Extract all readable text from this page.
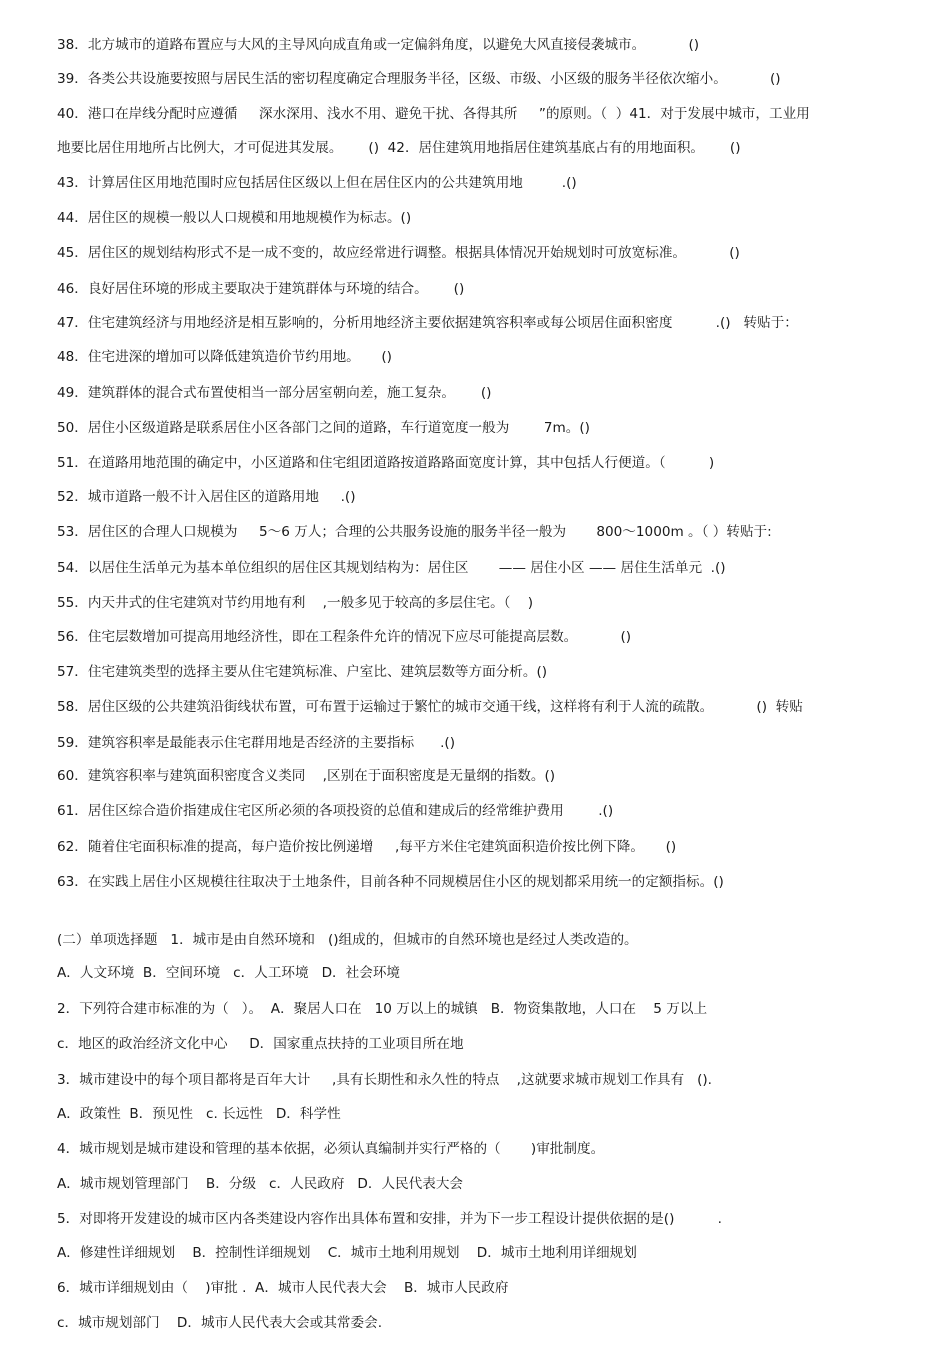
38．北方城市的道路布置应与大风的主导风向成直角或一定偏斜角度，以避免大风直接侵袭城市。          ()
39．各类公共设施要按照与居民生活的密切程度确定合理服务半径，区级、市级、小区级的服务半径依次缩小。          ()
40．港口在岸线分配时应遵循     深水深用、浅水不用、避免干扰、各得其所     ”的原则。（  ）41．对于发展中城市，工业用
地要比居住用地所占比例大，才可促进其发展。      ()  42．居住建筑用地指居住建筑基底占有的用地面积。      ()
43．计算居住区用地范围时应包括居住区级以上但在居住区内的公共建筑用地         .()
44．居住区的规模一般以人口规模和用地规模作为标志。()
45．居住区的规划结构形式不是一成不变的，故应经常进行调整。根据具体情况开始规划时可放宽标准。          ()
46．良好居住环境的形成主要取决于建筑群体与环境的结合。      ()
47．住宅建筑经济与用地经济是相互影响的，分析用地经济主要依据建筑容积率或每公顷居住面积密度          .()   转贴于：
48．住宅进深的增加可以降低建筑造价节约用地。     ()
49．建筑群体的混合式布置使相当一部分居室朝向差，施工复杂。      ()
50．居住小区级道路是联系居住小区各部门之间的道路，车行道宽度一般为        7m。()
51．在道路用地范围的确定中，小区道路和住宅组团道路按道路路面宽度计算，其中包括人行便道。（          )
52．城市道路一般不计入居住区的道路用地     .()
53．居住区的合理人口规模为     5～6 万人；合理的公共服务设施的服务半径一般为       800～1000m 。（ ）转贴于:
54．以居住生活单元为基本单位组织的居住区其规划结构为：居住区       —— 居住小区 —— 居住生活单元  .()
55．内天井式的住宅建筑对节约用地有利    ,一般多见于较高的多层住宅。（    )
56．住宅层数增加可提高用地经济性，即在工程条件允许的情况下应尽可能提高层数。          ()
57．住宅建筑类型的选择主要从住宅建筑标准、户室比、建筑层数等方面分析。()
58．居住区级的公共建筑沿街线状布置，可布置于运输过于繁忙的城市交通干线，这样将有利于人流的疏散。          ()  转贴
59．建筑容积率是最能表示住宅群用地是否经济的主要指标      .()
60．建筑容积率与建筑面积密度含义类同    ,区别在于面积密度是无量纲的指数。()
61．居住区综合造价指建成住宅区所必须的各项投资的总值和建成后的经常维护费用        .()
62．随着住宅面积标准的提高，每户造价按比例递增     ,每平方米住宅建筑面积造价按比例下降。     ()
63．在实践上居住小区规模往往取决于土地条件，目前各种不同规模居住小区的规划都采用统一的定额指标。()
(二）单项选择题   1．城市是由自然环境和   ()组成的，但城市的自然环境也是经过人类改造的。
A．人文环境  B．空间环境   c．人工环境   D．社会环境
2．下列符合建市标准的为（   ）。  A．聚居人口在   10 万以上的城镇   B．物资集散地，人口在    5 万以上
c．地区的政治经济文化中心     D．国家重点扶持的工业项目所在地
3．城市建设中的每个项目都将是百年大计     ,具有长期性和永久性的特点    ,这就要求城市规划工作具有   ().
A．政策性  B．预见性   c. 长远性   D．科学性
4．城市规划是城市建设和管理的基本依据，必须认真编制并实行严格的（       )审批制度。
A．城市规划管理部门    B．分级   c．人民政府   D．人民代表大会
5．对即将开发建设的城市区内各类建设内容作出具体布置和安排，并为下一步工程设计提供依据的是()          .
A．修建性详细规划    B．控制性详细规划    C．城市土地利用规划    D．城市土地利用详细规划
6．城市详细规划由（    )审批 .  A．城市人民代表大会    B．城市人民政府
c．城市规划部门    D．城市人民代表大会或其常委会.
